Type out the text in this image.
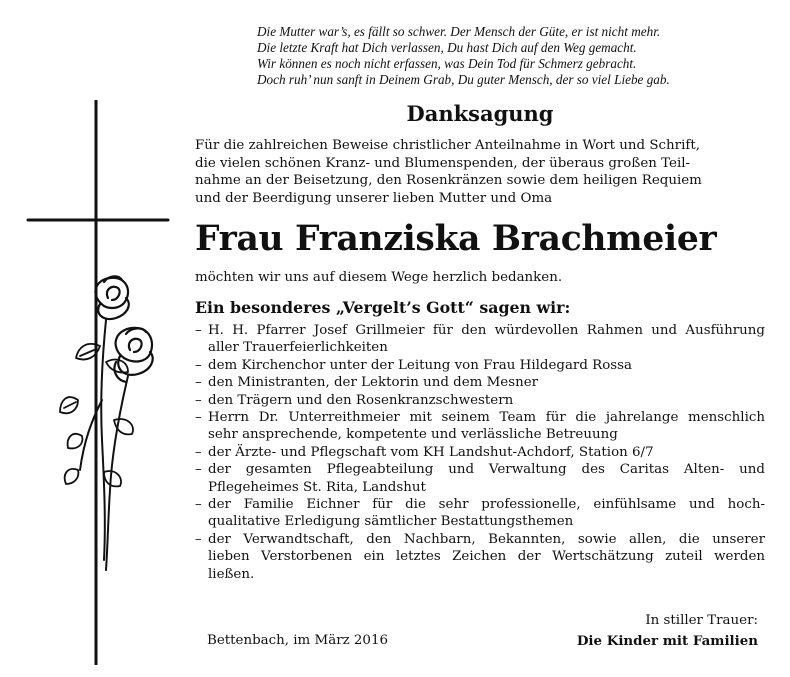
Die Mutter war’s, es fällt so schwer. Der Mensch der Güte, er ist nicht mehr.
Die letzte Kraft hat Dich verlassen, Du hast Dich auf den Weg gemacht.
Wir können es noch nicht erfassen, was Dein Tod für Schmerz gebracht.
Doch ruh’ nun sanft in Deinem Grab, Du guter Mensch, der so viel Liebe gab.
Danksagung
Für die zahlreichen Beweise christlicher Anteilnahme in Wort und Schrift,
die vielen schönen Kranz- und Blumenspenden, der überaus großen Teil-
nahme an der Beisetzung, den Rosenkränzen sowie dem heiligen Requiem
und der Beerdigung unserer lieben Mutter und Oma
Frau Franziska Brachmeier
möchten wir uns auf diesem Wege herzlich bedanken.
Ein besonderes „Vergelt’s Gott“ sagen wir:
– H. H. Pfarrer Josef Grillmeier für den würdevollen Rahmen und Ausführung
aller Trauerfeierlichkeiten
– dem Kirchenchor unter der Leitung von Frau Hildegard Rossa
– den Ministranten, der Lektorin und dem Mesner
– den Trägern und den Rosenkranzschwestern
– Herrn Dr. Unterreithmeier mit seinem Team für die jahrelange menschlich
sehr ansprechende, kompetente und verlässliche Betreuung
– der Ärzte- und Pflegschaft vom KH Landshut-Achdorf, Station 6/7
– der gesamten Pflegeabteilung und Verwaltung des Caritas Alten- und
Pflegeheimes St. Rita, Landshut
– der Familie Eichner für die sehr professionelle, einfühlsame und hoch-
qualitative Erledigung sämtlicher Bestattungsthemen
– der Verwandtschaft, den Nachbarn, Bekannten, sowie allen, die unserer
lieben Verstorbenen ein letztes Zeichen der Wertschätzung zuteil werden
ließen.
In stiller Trauer:
Bettenbach, im März 2016	Die Kinder mit Familien
